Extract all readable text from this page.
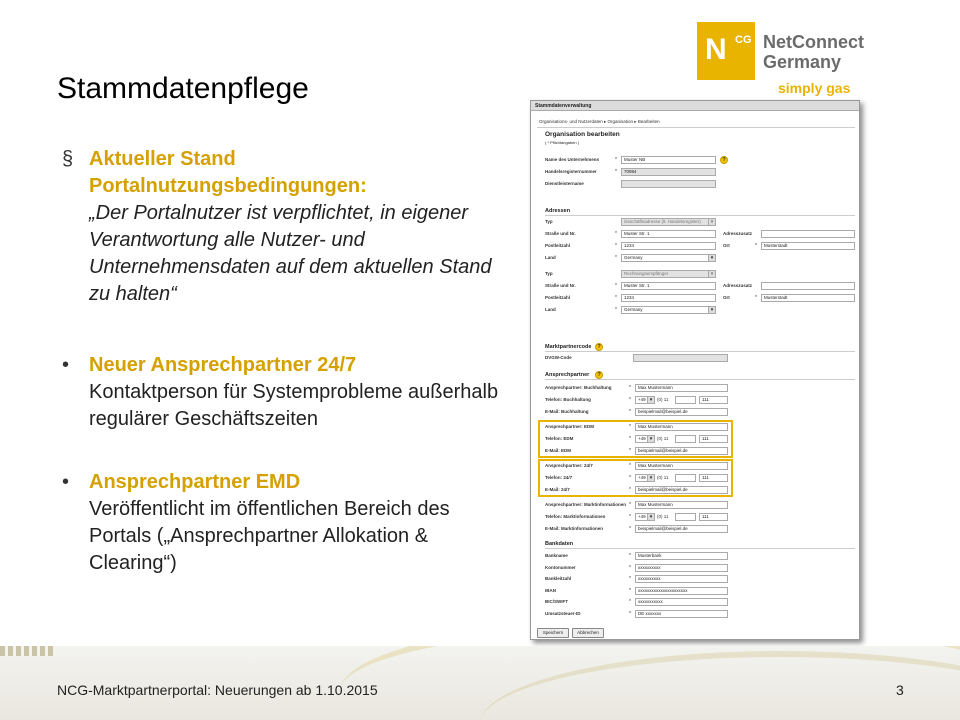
N CG NetConnect
Germany
simply gas
Stammdatenpflege
§ Aktueller Stand Portalnutzungsbedingungen:
„Der Portalnutzer ist verpflichtet, in eigener Verantwortung alle Nutzer- und Unternehmensdaten auf dem aktuellen Stand zu halten“
• Neuer Ansprechpartner 24/7
Kontaktperson für Systemprobleme außerhalb regulärer Geschäftszeiten
• Ansprechpartner EMD
Veröffentlicht im öffentlichen Bereich des Portals („Ansprechpartner Allokation & Clearing“)
Stammdatenverwaltung
Organisations- und Nutzerdaten ▸ Organisation ▸ Bearbeiten
Organisation bearbeiten
( * Pflichtangaben )
Name des Unternehmens	*	Muster NB	?
Handelsregisternummer	*	70984
Dienstleistername
Adressen
Typ	Geschäftsadresse (lt. Handelsregister) ▾
Straße und Nr.	*	Muster Str. 1	Adresszusatz
Postleitzahl	*	1234	Ort	*	Musterstadt
Land	*	Germany ▾
Typ	Rechnungsempfänger ▾
Straße und Nr.	*	Muster Str. 1	Adresszusatz
Postleitzahl	*	1234	Ort	*	Musterstadt
Land	*	Germany ▾
Marktpartnercode	?
DVGW-Code
Ansprechpartner	?
Bankdaten
Speichern	Abbrechen
Ansprechpartner: Buchhaltung	*	Max Mustermann
Telefon: Buchhaltung	*	+49 ▾	(0) 11	111
E-Mail: Buchhaltung	*	beispielmail@beispiel.de
Ansprechpartner: EDM	*	Max Mustermann
Telefon: EDM	*	+49 ▾	(0) 11	111
E-Mail: EDM	*	beispielmail@beispiel.de
Ansprechpartner: 24/7	*	Max Mustermann
Telefon: 24/7	*	+49 ▾	(0) 11	111
E-Mail: 24/7	*	beispielmail@beispiel.de
Ansprechpartner: Marktinformationen *	Max Mustermann
Telefon: Marktinformationen	*	+49 ▾	(0) 11	111
E-Mail: Marktinformationen	*	beispielmail@beispiel.de
Bankname	*	Musterbank
Kontonummer	*	xxxxxxxxxx
Bankleitzahl	*	xxxxxxxxxx
IBAN	*	xxxxxxxxxxxxxxxxxxxxxx
BIC/SWIFT	*	xxxxxxxxxxx
Umsatzsteuer-ID	*	DE xxxxxxx
NCG-Marktpartnerportal: Neuerungen ab 1.10.2015	3
